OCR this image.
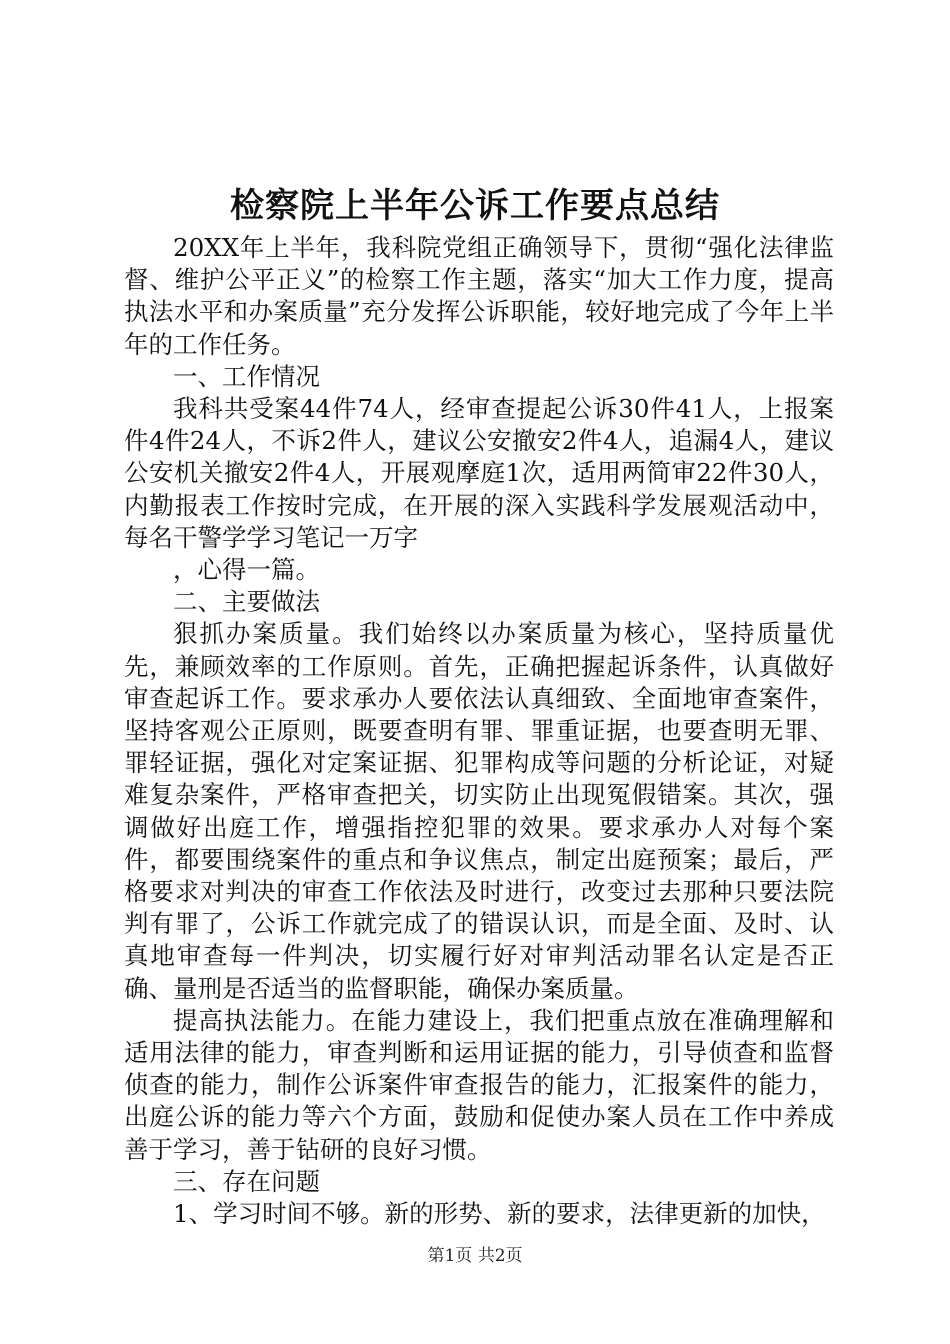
检察院上半年公诉工作要点总结

20XX年上半年，我科院党组正确领导下，贯彻“强化法律监督、维护公平正义”的检察工作主题，落实“加大工作力度，提高执法水平和办案质量”充分发挥公诉职能，较好地完成了今年上半年的工作任务。

一、工作情况

我科共受案44件74人，经审查提起公诉30件41人，上报案件4件24人，不诉2件人，建议公安撤安2件4人，追漏4人，建议公安机关撤安2件4人，开展观摩庭1次，适用两简审22件30人，内勤报表工作按时完成，在开展的深入实践科学发展观活动中，每名干警学学习笔记一万字

，心得一篇。

二、主要做法

狠抓办案质量。我们始终以办案质量为核心，坚持质量优先，兼顾效率的工作原则。首先，正确把握起诉条件，认真做好审查起诉工作。要求承办人要依法认真细致、全面地审查案件，坚持客观公正原则，既要查明有罪、罪重证据，也要查明无罪、罪轻证据，强化对定案证据、犯罪构成等问题的分析论证，对疑难复杂案件，严格审查把关，切实防止出现冤假错案。其次，强调做好出庭工作，增强指控犯罪的效果。要求承办人对每个案件，都要围绕案件的重点和争议焦点，制定出庭预案；最后，严格要求对判决的审查工作依法及时进行，改变过去那种只要法院判有罪了，公诉工作就完成了的错误认识，而是全面、及时、认真地审查每一件判决，切实履行好对审判活动罪名认定是否正确、量刑是否适当的监督职能，确保办案质量。

提高执法能力。在能力建设上，我们把重点放在准确理解和适用法律的能力，审查判断和运用证据的能力，引导侦查和监督侦查的能力，制作公诉案件审查报告的能力，汇报案件的能力，出庭公诉的能力等六个方面，鼓励和促使办案人员在工作中养成善于学习，善于钻研的良好习惯。

三、存在问题

1、学习时间不够。新的形势、新的要求，法律更新的加快，

第1页 共2页
